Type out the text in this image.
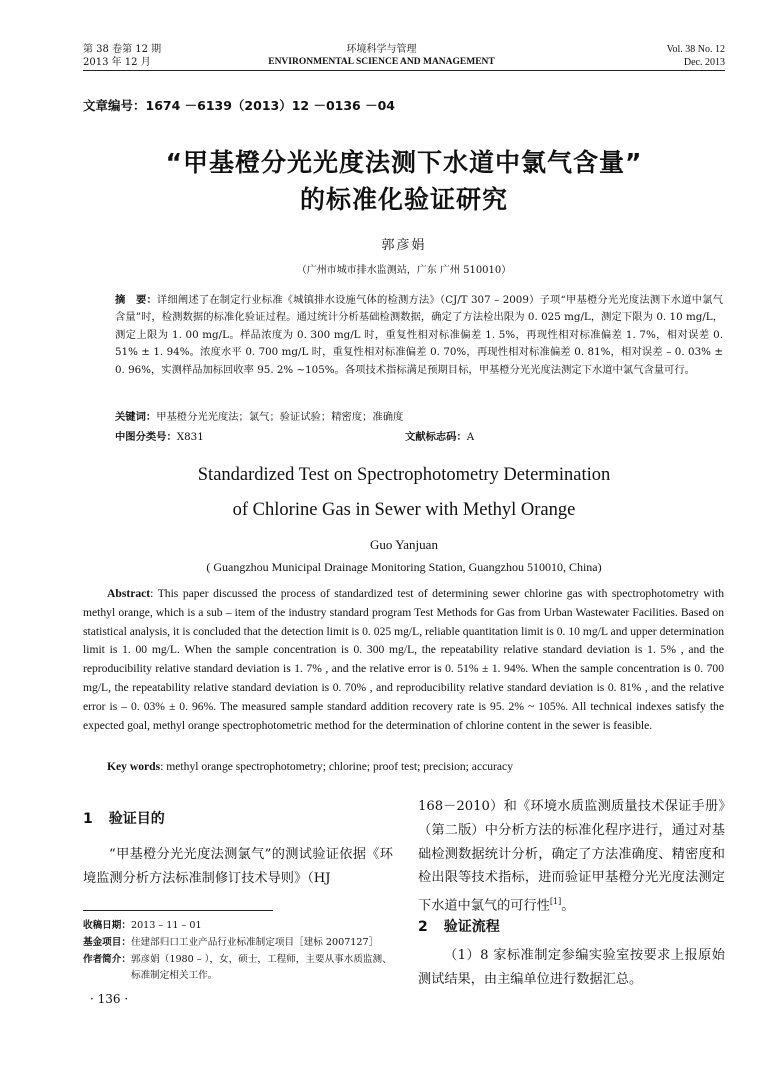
第 38 卷第 12 期
2013 年 12 月
环境科学与管理
ENVIRONMENTAL SCIENCE AND MANAGEMENT
Vol. 38 No. 12
Dec. 2013
文章编号：1674 －6139（2013）12 －0136 －04
“甲基橙分光光度法测下水道中氯气含量”
的标准化验证研究
郭彦娟
（广州市城市排水监测站，广东 广州 510010）
摘　要：详细阐述了在制定行业标准《城镇排水设施气体的检测方法》（CJ/T 307 – 2009）子项“甲基橙分光光度法测下水道中氯气含量”时，检测数据的标准化验证过程。通过统计分析基础检测数据，确定了方法检出限为 0. 025 mg/L，测定下限为 0. 10 mg/L，测定上限为 1. 00 mg/L。样品浓度为 0. 300 mg/L 时，重复性相对标准偏差 1. 5%，再现性相对标准偏差 1. 7%，相对误差 0. 51% ± 1. 94%。浓度水平 0. 700 mg/L 时，重复性相对标准偏差 0. 70%，再现性相对标准偏差 0. 81%，相对误差 – 0. 03% ± 0. 96%，实测样品加标回收率 95. 2% ~105%。各项技术指标满足预期目标，甲基橙分光光度法测定下水道中氯气含量可行。
关键词：甲基橙分光光度法；氯气；验证试验；精密度；准确度
中图分类号：X831	文献标志码：A
Standardized Test on Spectrophotometry Determination
of Chlorine Gas in Sewer with Methyl Orange
Guo Yanjuan
( Guangzhou Municipal Drainage Monitoring Station, Guangzhou 510010, China)
Abstract: This paper discussed the process of standardized test of determining sewer chlorine gas with spectrophotometry with methyl orange, which is a sub – item of the industry standard program Test Methods for Gas from Urban Wastewater Facilities. Based on statistical analysis, it is concluded that the detection limit is 0. 025 mg/L, reliable quantitation limit is 0. 10 mg/L and upper determination limit is 1. 00 mg/L. When the sample concentration is 0. 300 mg/L, the repeatability relative standard deviation is 1. 5% , and the reproducibility relative standard deviation is 1. 7% , and the relative error is 0. 51% ± 1. 94%. When the sample concentration is 0. 700 mg/L, the repeatability relative standard deviation is 0. 70% , and reproducibility relative standard deviation is 0. 81% , and the relative error is – 0. 03% ± 0. 96%. The measured sample standard addition recovery rate is 95. 2% ~ 105%. All technical indexes satisfy the expected goal, methyl orange spectrophotometric method for the determination of chlorine content in the sewer is feasible.
Key words: methyl orange spectrophotometry; chlorine; proof test; precision; accuracy
1 验证目的
“甲基橙分光光度法测氯气”的测试验证依据《环境监测分析方法标准制修订技术导则》（HJ
收稿日期：2013 – 11 – 01
基金项目：住建部归口工业产品行业标准制定项目［建标 2007127］
作者简介：郭彦娟（1980 – ），女，硕士，工程师，主要从事水质监测、
标准制定相关工作。
· 136 ·
168－2010）和《环境水质监测质量技术保证手册》（第二版）中分析方法的标准化程序进行，通过对基础检测数据统计分析，确定了方法准确度、精密度和检出限等技术指标，进而验证甲基橙分光光度法测定下水道中氯气的可行性[1]。
2 验证流程
（1）8 家标准制定参编实验室按要求上报原始测试结果，由主编单位进行数据汇总。
